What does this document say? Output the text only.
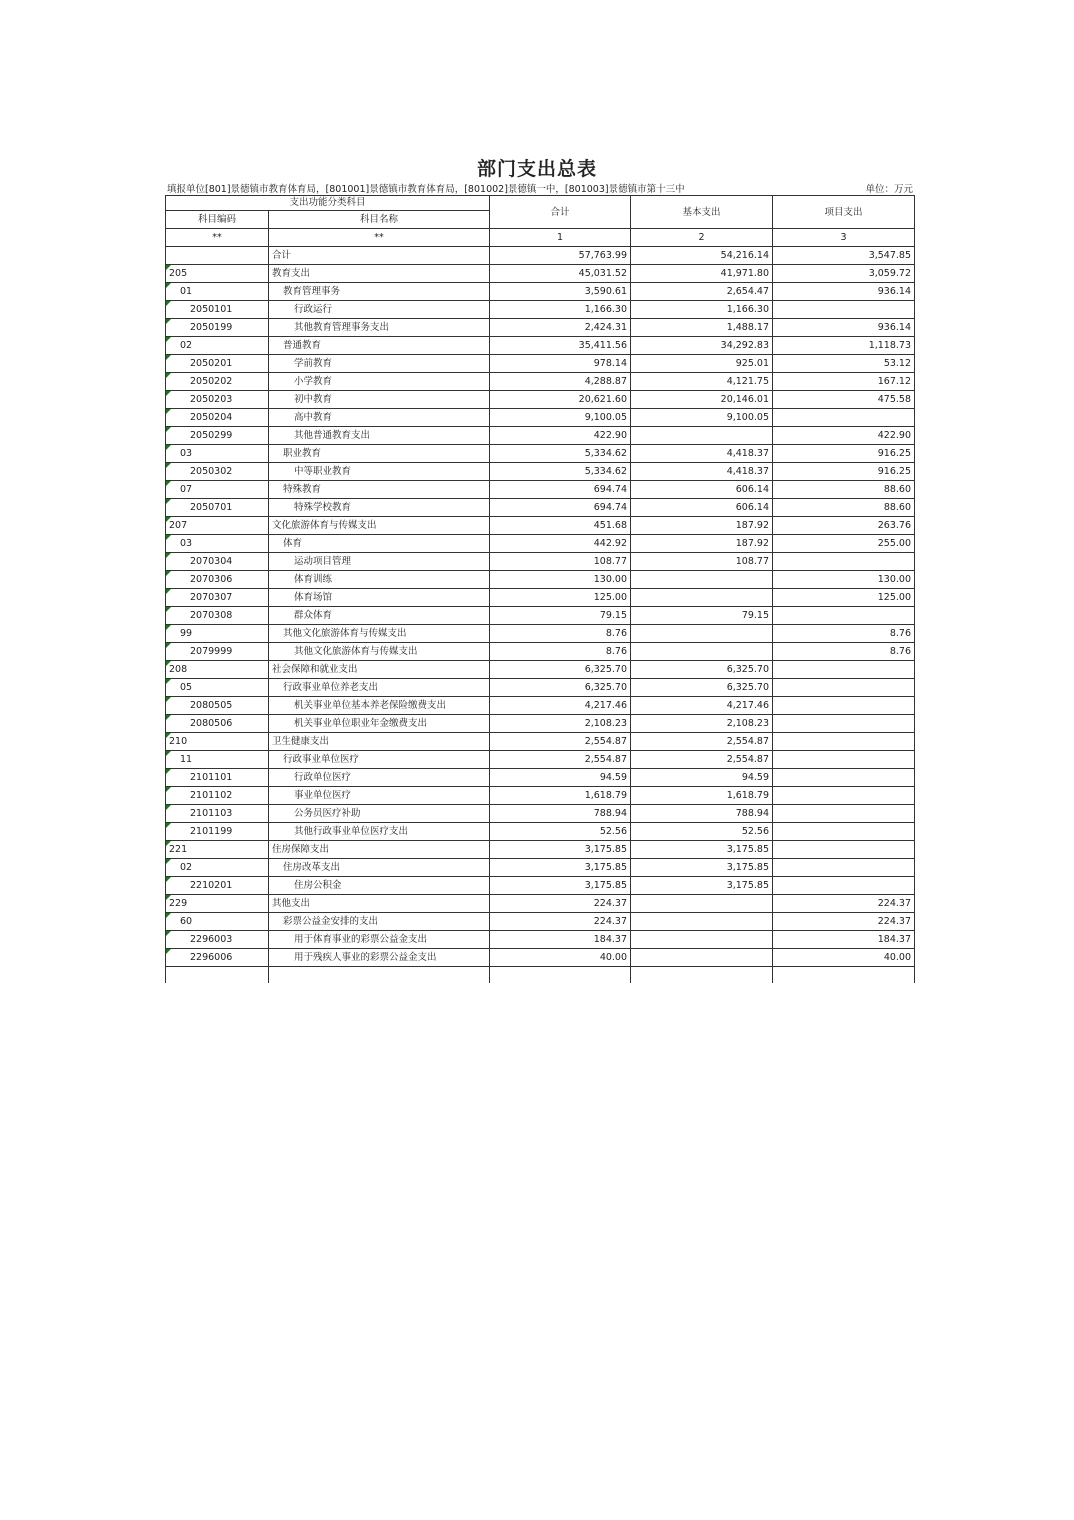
部门支出总表
填报单位[801]景德镇市教育体育局，[801001]景德镇市教育体育局，[801002]景德镇一中，[801003]景德镇市第十三中	单位：万元
支出功能分类科目		合计	基本支出	项目支出
科目编码	科目名称			
**	**	1	2	3
	合计	57,763.99	54,216.14	3,547.85
205	教育支出	45,031.52	41,971.80	3,059.72
01	教育管理事务	3,590.61	2,654.47	936.14
2050101	行政运行	1,166.30	1,166.30	
2050199	其他教育管理事务支出	2,424.31	1,488.17	936.14
02	普通教育	35,411.56	34,292.83	1,118.73
2050201	学前教育	978.14	925.01	53.12
2050202	小学教育	4,288.87	4,121.75	167.12
2050203	初中教育	20,621.60	20,146.01	475.58
2050204	高中教育	9,100.05	9,100.05	
2050299	其他普通教育支出	422.90		422.90
03	职业教育	5,334.62	4,418.37	916.25
2050302	中等职业教育	5,334.62	4,418.37	916.25
07	特殊教育	694.74	606.14	88.60
2050701	特殊学校教育	694.74	606.14	88.60
207	文化旅游体育与传媒支出	451.68	187.92	263.76
03	体育	442.92	187.92	255.00
2070304	运动项目管理	108.77	108.77	
2070306	体育训练	130.00		130.00
2070307	体育场馆	125.00		125.00
2070308	群众体育	79.15	79.15	
99	其他文化旅游体育与传媒支出	8.76		8.76
2079999	其他文化旅游体育与传媒支出	8.76		8.76
208	社会保障和就业支出	6,325.70	6,325.70	
05	行政事业单位养老支出	6,325.70	6,325.70	
2080505	机关事业单位基本养老保险缴费支出	4,217.46	4,217.46	
2080506	机关事业单位职业年金缴费支出	2,108.23	2,108.23	
210	卫生健康支出	2,554.87	2,554.87	
11	行政事业单位医疗	2,554.87	2,554.87	
2101101	行政单位医疗	94.59	94.59	
2101102	事业单位医疗	1,618.79	1,618.79	
2101103	公务员医疗补助	788.94	788.94	
2101199	其他行政事业单位医疗支出	52.56	52.56	
221	住房保障支出	3,175.85	3,175.85	
02	住房改革支出	3,175.85	3,175.85	
2210201	住房公积金	3,175.85	3,175.85	
229	其他支出	224.37		224.37
60	彩票公益金安排的支出	224.37		224.37
2296003	用于体育事业的彩票公益金支出	184.37		184.37
2296006	用于残疾人事业的彩票公益金支出	40.00		40.00
